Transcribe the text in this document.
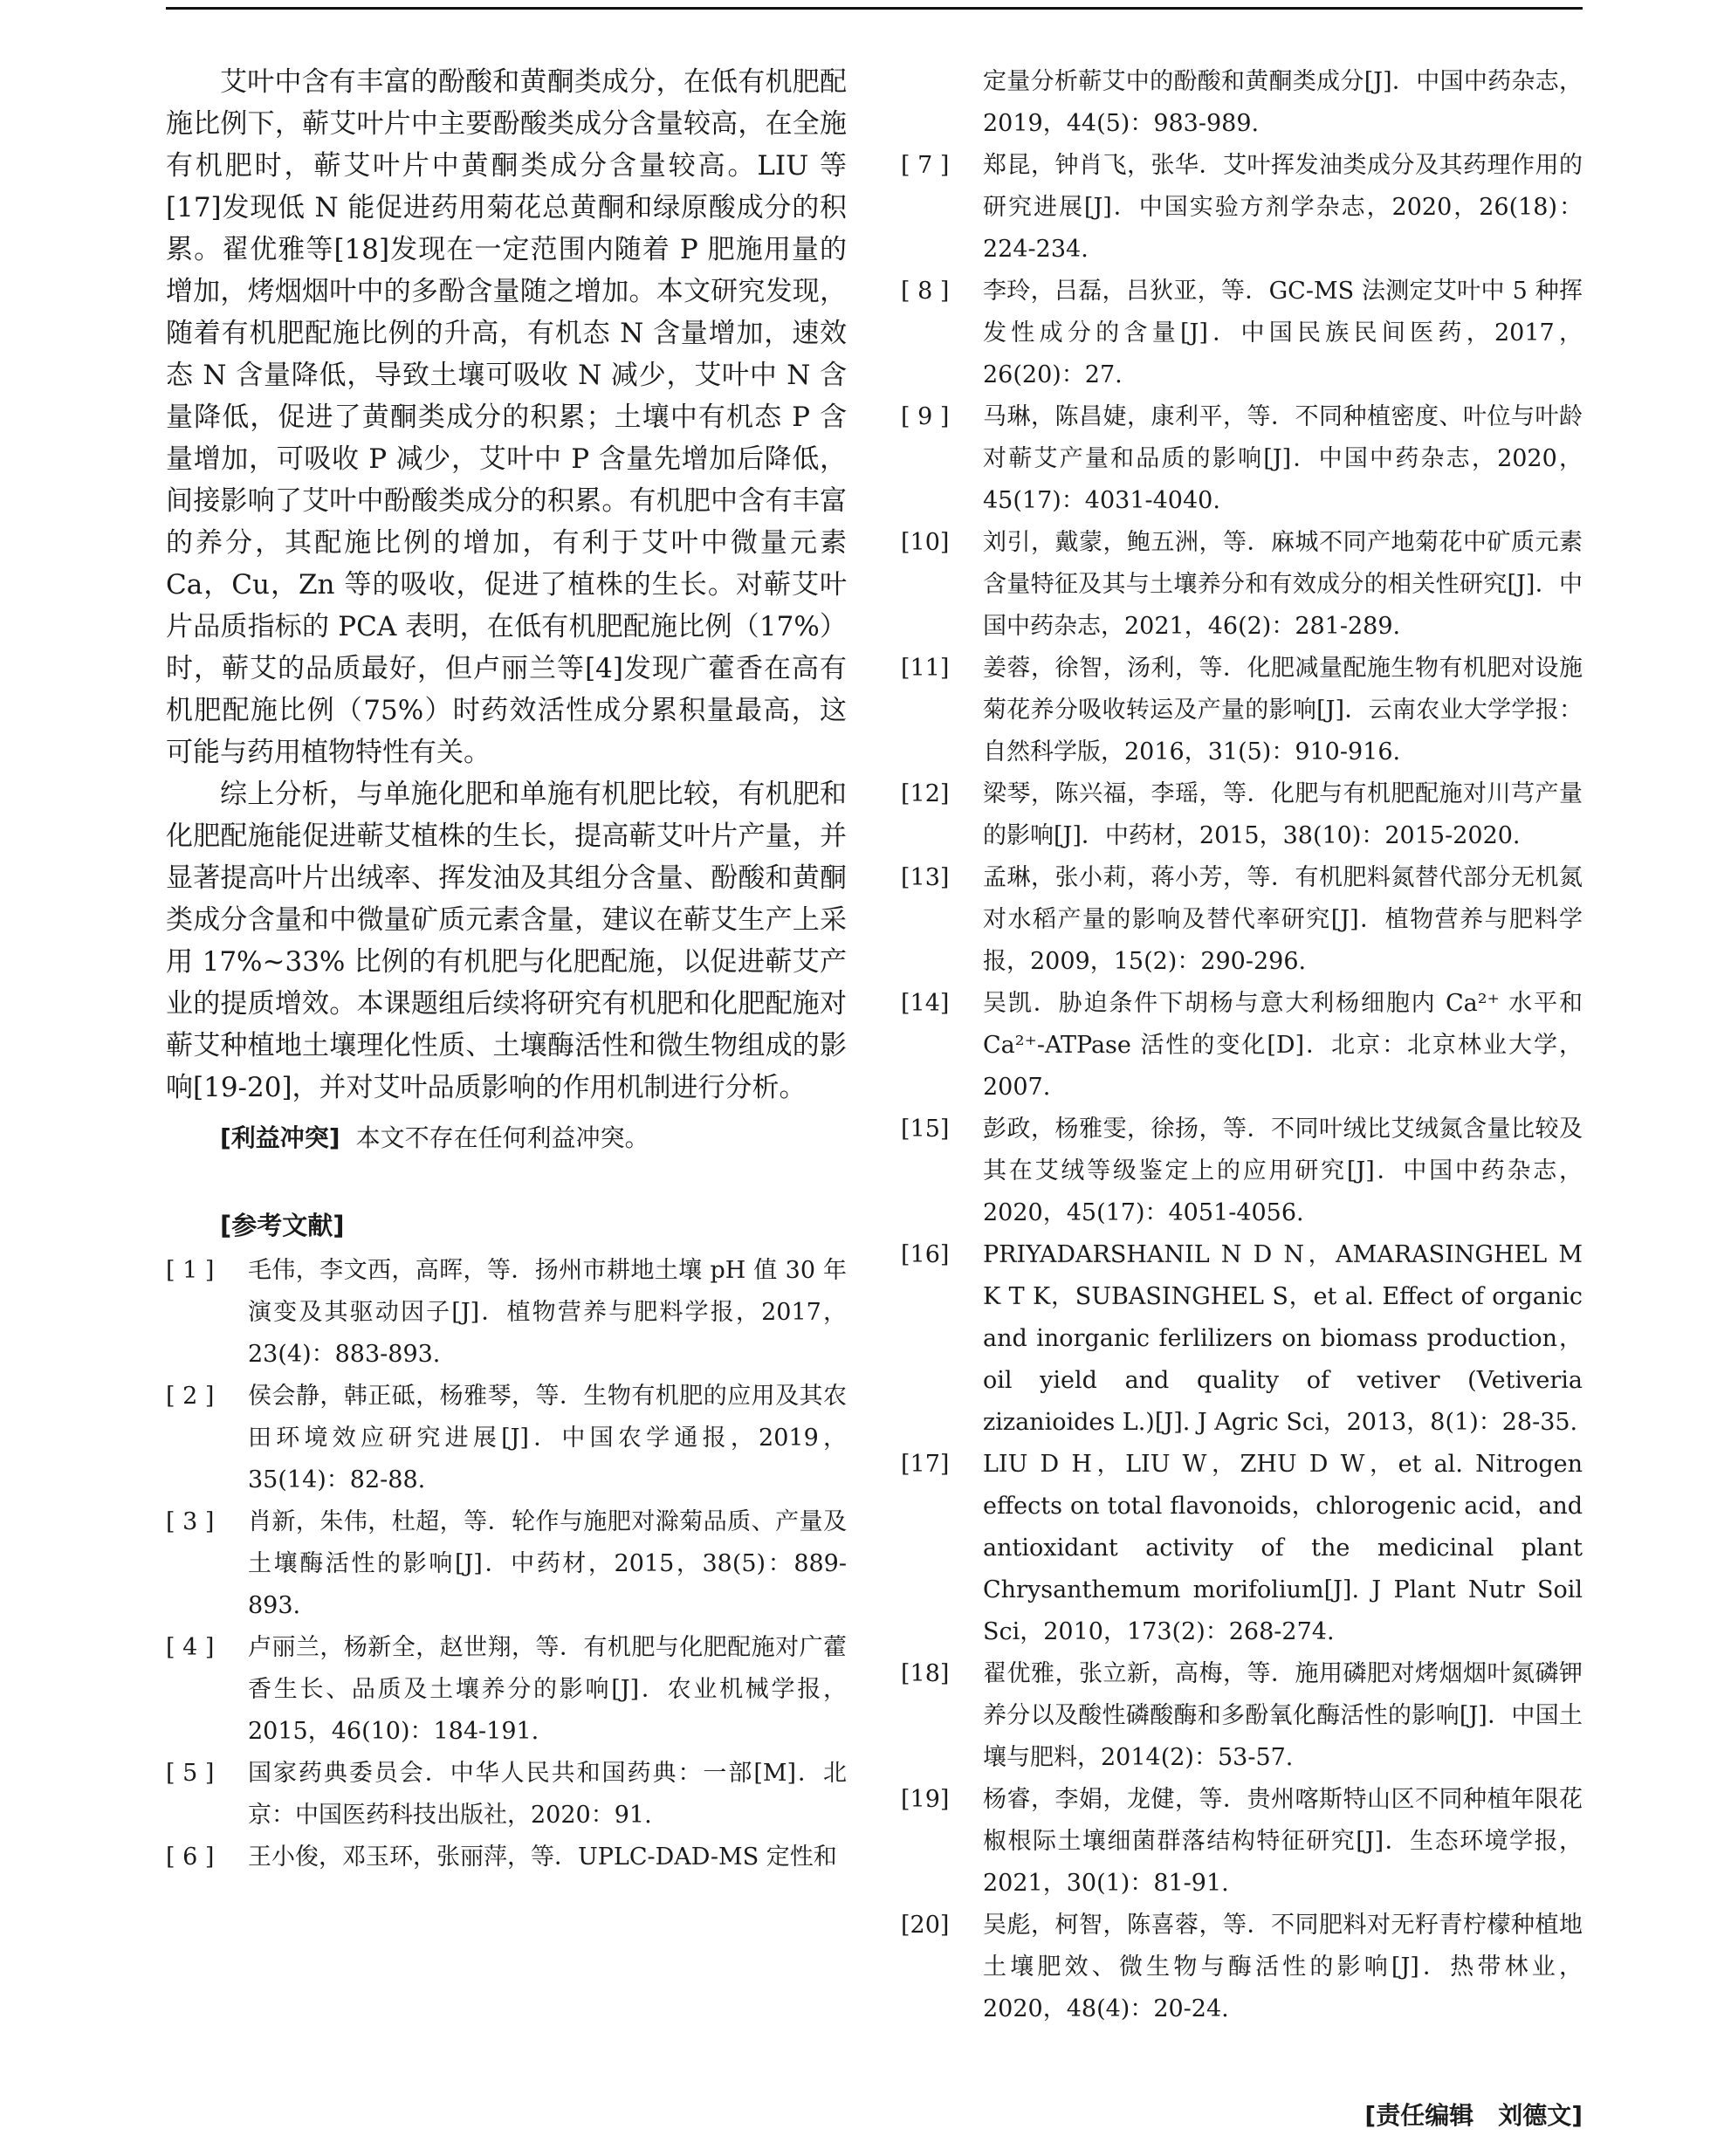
艾叶中含有丰富的酚酸和黄酮类成分，在低有机肥配施比例下，蕲艾叶片中主要酚酸类成分含量较高，在全施有机肥时，蕲艾叶片中黄酮类成分含量较高。LIU 等[17]发现低 N 能促进药用菊花总黄酮和绿原酸成分的积累。翟优雅等[18]发现在一定范围内随着 P 肥施用量的增加，烤烟烟叶中的多酚含量随之增加。本文研究发现，随着有机肥配施比例的升高，有机态 N 含量增加，速效态 N 含量降低，导致土壤可吸收 N 减少，艾叶中 N 含量降低，促进了黄酮类成分的积累；土壤中有机态 P 含量增加，可吸收 P 减少，艾叶中 P 含量先增加后降低，间接影响了艾叶中酚酸类成分的积累。有机肥中含有丰富的养分，其配施比例的增加，有利于艾叶中微量元素 Ca，Cu，Zn 等的吸收，促进了植株的生长。对蕲艾叶片品质指标的 PCA 表明，在低有机肥配施比例（17%）时，蕲艾的品质最好，但卢丽兰等[4]发现广藿香在高有机肥配施比例（75%）时药效活性成分累积量最高，这可能与药用植物特性有关。

综上分析，与单施化肥和单施有机肥比较，有机肥和化肥配施能促进蕲艾植株的生长，提高蕲艾叶片产量，并显著提高叶片出绒率、挥发油及其组分含量、酚酸和黄酮类成分含量和中微量矿质元素含量，建议在蕲艾生产上采用 17%~33% 比例的有机肥与化肥配施，以促进蕲艾产业的提质增效。本课题组后续将研究有机肥和化肥配施对蕲艾种植地土壤理化性质、土壤酶活性和微生物组成的影响[19-20]，并对艾叶品质影响的作用机制进行分析。

[利益冲突] 本文不存在任何利益冲突。
[参考文献]
[ 1 ]	毛伟，李文西，高晖，等．扬州市耕地土壤 pH 值 30 年演变及其驱动因子[J]．植物营养与肥料学报，2017，23(4)：883-893.
[ 2 ]	侯会静，韩正砥，杨雅琴，等．生物有机肥的应用及其农田环境效应研究进展[J]．中国农学通报，2019，35(14)：82-88.
[ 3 ]	肖新，朱伟，杜超，等．轮作与施肥对滁菊品质、产量及土壤酶活性的影响[J]．中药材，2015，38(5)：889-893.
[ 4 ]	卢丽兰，杨新全，赵世翔，等．有机肥与化肥配施对广藿香生长、品质及土壤养分的影响[J]．农业机械学报，2015，46(10)：184-191.
[ 5 ]	国家药典委员会．中华人民共和国药典：一部[M]．北京：中国医药科技出版社，2020：91.
[ 6 ]	王小俊，邓玉环，张丽萍，等．UPLC-DAD-MS 定性和
定量分析蕲艾中的酚酸和黄酮类成分[J]．中国中药杂志，2019，44(5)：983-989.
[ 7 ]	郑昆，钟肖飞，张华．艾叶挥发油类成分及其药理作用的研究进展[J]．中国实验方剂学杂志，2020，26(18)：224-234.
[ 8 ]	李玲，吕磊，吕狄亚，等．GC-MS 法测定艾叶中 5 种挥发性成分的含量[J]．中国民族民间医药，2017，26(20)：27.
[ 9 ]	马琳，陈昌婕，康利平，等．不同种植密度、叶位与叶龄对蕲艾产量和品质的影响[J]．中国中药杂志，2020，45(17)：4031-4040.
[10]	刘引，戴蒙，鲍五洲，等．麻城不同产地菊花中矿质元素含量特征及其与土壤养分和有效成分的相关性研究[J]．中国中药杂志，2021，46(2)：281-289.
[11]	姜蓉，徐智，汤利，等．化肥减量配施生物有机肥对设施菊花养分吸收转运及产量的影响[J]．云南农业大学学报：自然科学版，2016，31(5)：910-916.
[12]	梁琴，陈兴福，李瑶，等．化肥与有机肥配施对川芎产量的影响[J]．中药材，2015，38(10)：2015-2020.
[13]	孟琳，张小莉，蒋小芳，等．有机肥料氮替代部分无机氮对水稻产量的影响及替代率研究[J]．植物营养与肥料学报，2009，15(2)：290-296.
[14]	吴凯．胁迫条件下胡杨与意大利杨细胞内 Ca²⁺ 水平和 Ca²⁺-ATPase 活性的变化[D]．北京：北京林业大学，2007.
[15]	彭政，杨雅雯，徐扬，等．不同叶绒比艾绒氮含量比较及其在艾绒等级鉴定上的应用研究[J]．中国中药杂志，2020，45(17)：4051-4056.
[16]	PRIYADARSHANIL N D N，AMARASINGHEL M K T K，SUBASINGHEL S，et al. Effect of organic and inorganic ferlilizers on biomass production，oil yield and quality of vetiver (Vetiveria zizanioides L.)[J]. J Agric Sci，2013，8(1)：28-35.
[17]	LIU D H，LIU W，ZHU D W，et al. Nitrogen effects on total flavonoids，chlorogenic acid，and antioxidant activity of the medicinal plant Chrysanthemum morifolium[J]. J Plant Nutr Soil Sci，2010，173(2)：268-274.
[18]	翟优雅，张立新，高梅，等．施用磷肥对烤烟烟叶氮磷钾养分以及酸性磷酸酶和多酚氧化酶活性的影响[J]．中国土壤与肥料，2014(2)：53-57.
[19]	杨睿，李娟，龙健，等．贵州喀斯特山区不同种植年限花椒根际土壤细菌群落结构特征研究[J]．生态环境学报，2021，30(1)：81-91.
[20]	吴彪，柯智，陈喜蓉，等．不同肥料对无籽青柠檬种植地土壤肥效、微生物与酶活性的影响[J]．热带林业，2020，48(4)：20-24.
[责任编辑　刘德文]
